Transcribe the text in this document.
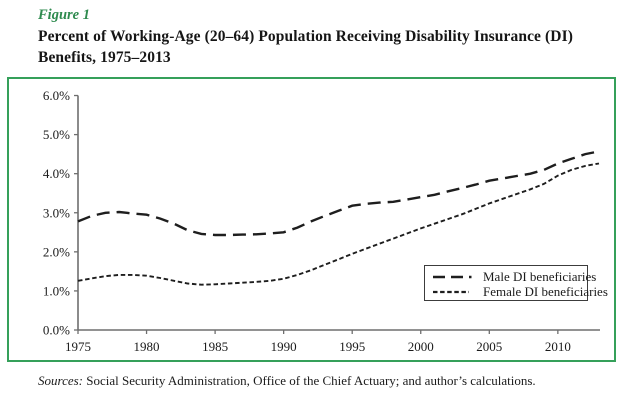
Figure 1
Percent of Working-Age (20–64) Population Receiving Disability Insurance (DI)
Benefits, 1975–2013
0.0%
1.0%
2.0%
3.0%
4.0%
5.0%
6.0%
1975	1980	1985	1990	1995	2000	2005	2010
Male DI beneficiaries
Female DI beneficiaries
Sources: Social Security Administration, Office of the Chief Actuary; and author’s calculations.
